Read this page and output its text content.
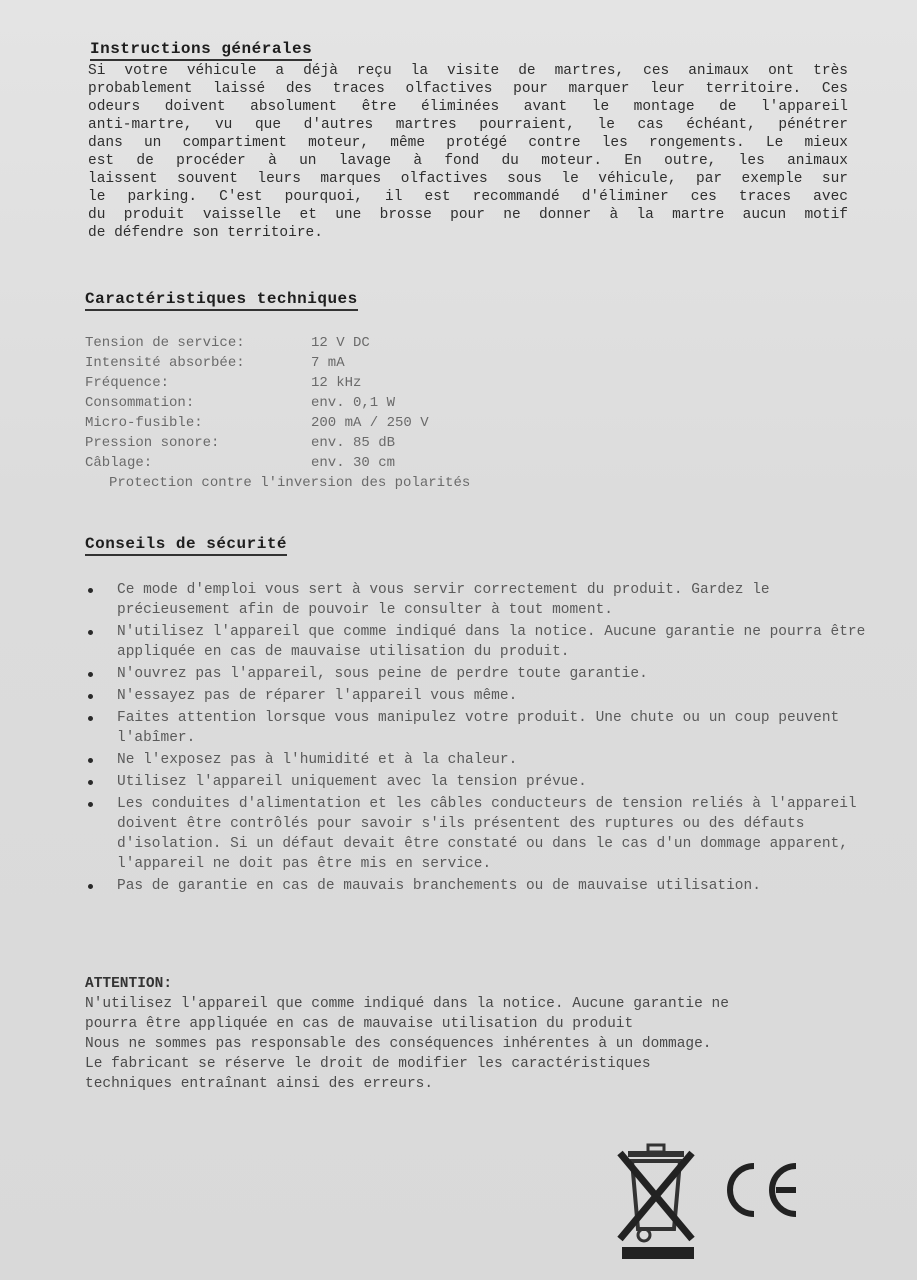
Instructions générales

Si votre véhicule a déjà reçu la visite de martres, ces animaux ont très
probablement laissé des traces olfactives pour marquer leur territoire. Ces
odeurs doivent absolument être éliminées avant le montage de l'appareil
anti-martre, vu que d'autres martres pourraient, le cas échéant, pénétrer
dans un compartiment moteur, même protégé contre les rongements. Le mieux
est de procéder à un lavage à fond du moteur. En outre, les animaux
laissent souvent leurs marques olfactives sous le véhicule, par exemple sur
le parking. C'est pourquoi, il est recommandé d'éliminer ces traces avec
du produit vaisselle et une brosse pour ne donner à la martre aucun motif
de défendre son territoire.

Caractéristiques techniques
Tension de service:	12 V DC
Intensité absorbée:	7 mA
Fréquence:	12 kHz
Consommation:	env. 0,1 W
Micro-fusible:	200 mA / 250 V
Pression sonore:	env. 85 dB
Câblage:	env. 30 cm
Protection contre l'inversion des polarités
Conseils de sécurité
Ce mode d'emploi vous sert à vous servir correctement du produit. Gardez le précieusement afin de pouvoir le consulter à tout moment.
N'utilisez l'appareil que comme indiqué dans la notice. Aucune garantie ne pourra être appliquée en cas de mauvaise utilisation du produit.
N'ouvrez pas l'appareil, sous peine de perdre toute garantie.
N'essayez pas de réparer l'appareil vous même.
Faites attention lorsque vous manipulez votre produit. Une chute ou un coup peuvent l'abîmer.
Ne l'exposez pas à l'humidité et à la chaleur.
Utilisez l'appareil uniquement avec la tension prévue.
Les conduites d'alimentation et les câbles conducteurs de tension reliés à l'appareil doivent être contrôlés pour savoir s'ils présentent des ruptures ou des défauts d'isolation. Si un défaut devait être constaté ou dans le cas d'un dommage apparent, l'appareil ne doit pas être mis en service.
Pas de garantie en cas de mauvais branchements ou de mauvaise utilisation.
ATTENTION:

N'utilisez l'appareil que comme indiqué dans la notice. Aucune garantie ne
pourra être appliquée en cas de mauvaise utilisation du produit
Nous ne sommes pas responsable des conséquences inhérentes à un dommage.
Le fabricant se réserve le droit de modifier les caractéristiques
techniques entraînant ainsi des erreurs.
